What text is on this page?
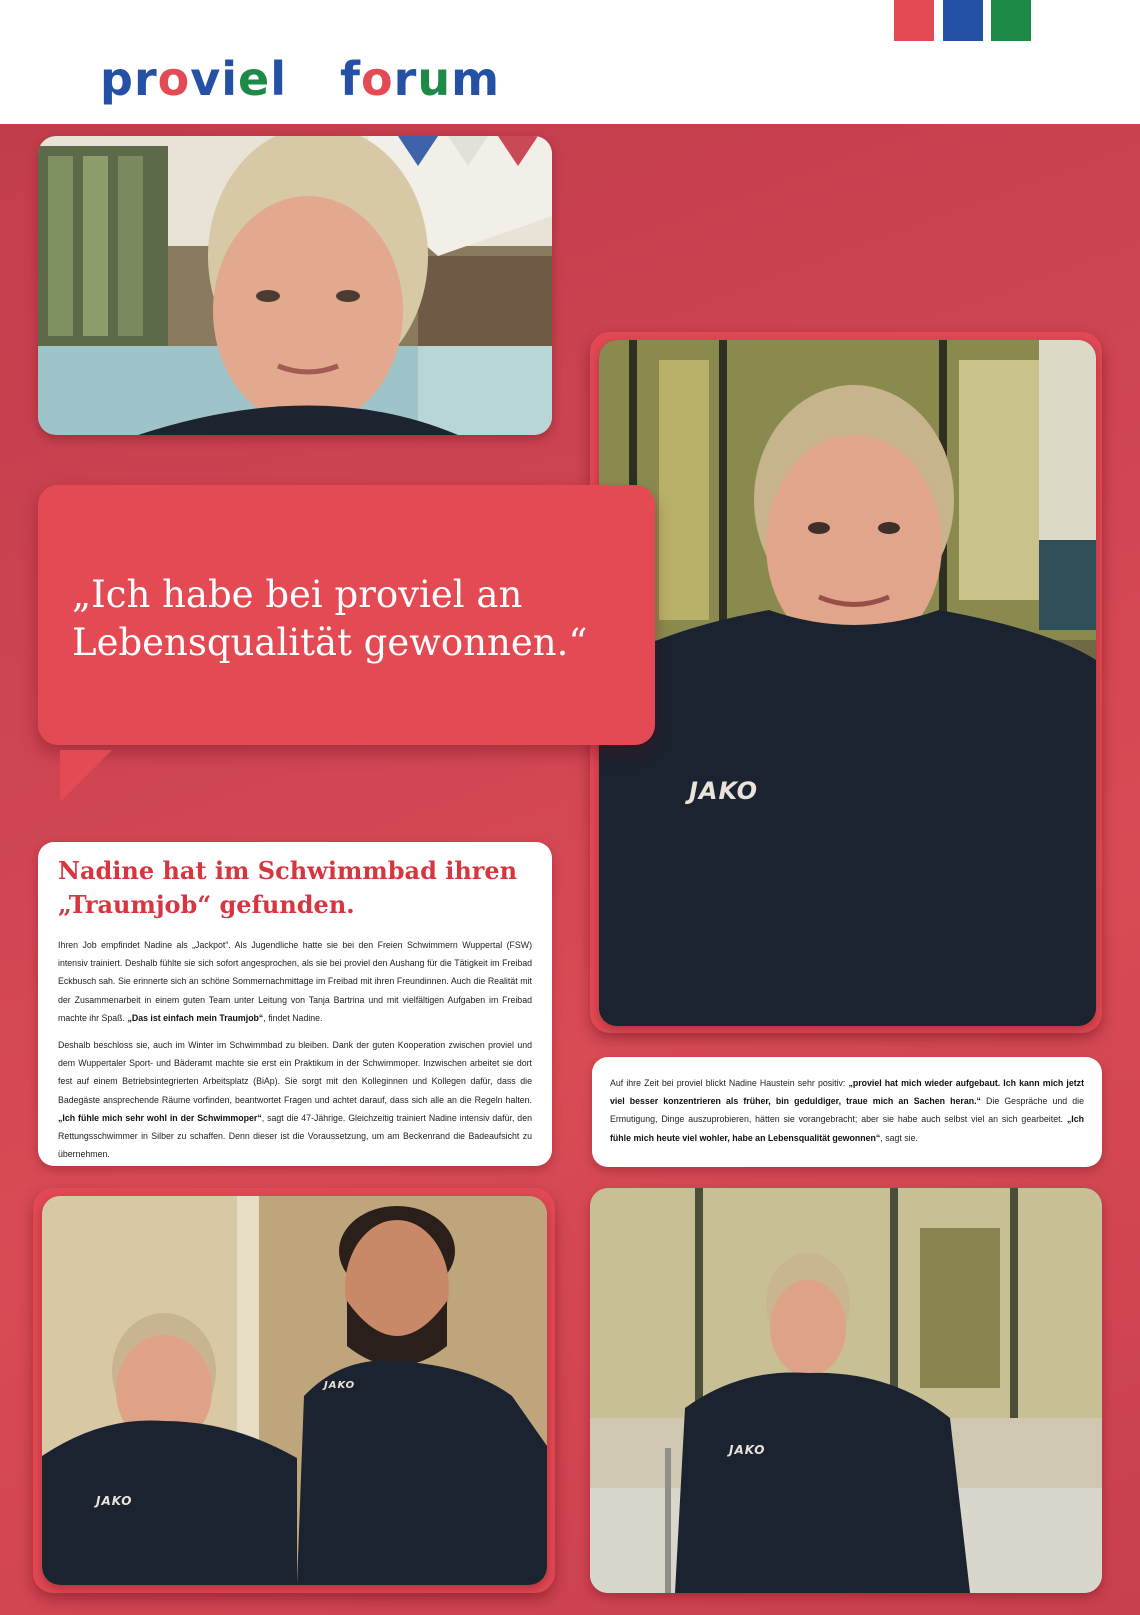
proviel forum
JAKO
„Ich habe bei proviel an
Lebensqualität gewonnen.“
Nadine hat im Schwimmbad ihren
„Traumjob“ gefunden.
Ihren Job empfindet Nadine als „Jackpot“. Als Jugendliche hatte sie bei den Freien Schwimmern Wuppertal (FSW) intensiv trainiert. Deshalb fühlte sie sich sofort angesprochen, als sie bei proviel den Aushang für die Tätigkeit im Freibad Eckbusch sah. Sie erinnerte sich an schöne Sommernachmittage im Freibad mit ihren Freundinnen. Auch die Realität mit der Zusammenarbeit in einem guten Team unter Leitung von Tanja Bartrina und mit vielfältigen Aufgaben im Freibad machte ihr Spaß. „Das ist einfach mein Traumjob“, findet Nadine.
Deshalb beschloss sie, auch im Winter im Schwimmbad zu bleiben. Dank der guten Kooperation zwischen proviel und dem Wuppertaler Sport- und Bäderamt machte sie erst ein Praktikum in der Schwimmoper. Inzwischen arbeitet sie dort fest auf einem Betriebsintegrierten Arbeitsplatz (BiAp). Sie sorgt mit den Kolleginnen und Kollegen dafür, dass die Badegäste ansprechende Räume vorfinden, beantwortet Fragen und achtet darauf, dass sich alle an die Regeln halten. „Ich fühle mich sehr wohl in der Schwimmoper“, sagt die 47-Jährige. Gleichzeitig trainiert Nadine intensiv dafür, den Rettungsschwimmer in Silber zu schaffen. Denn dieser ist die Voraussetzung, um am Beckenrand die Badeaufsicht zu übernehmen.
Auf ihre Zeit bei proviel blickt Nadine Haustein sehr positiv: „proviel hat mich wieder aufgebaut. Ich kann mich jetzt viel besser konzentrieren als früher, bin geduldiger, traue mich an Sachen heran.“ Die Gespräche und die Ermutigung, Dinge auszuprobieren, hätten sie vorangebracht; aber sie habe auch selbst viel an sich gearbeitet. „Ich fühle mich heute viel wohler, habe an Lebensqualität gewonnen“, sagt sie.
JAKO
JAKO
JAKO
